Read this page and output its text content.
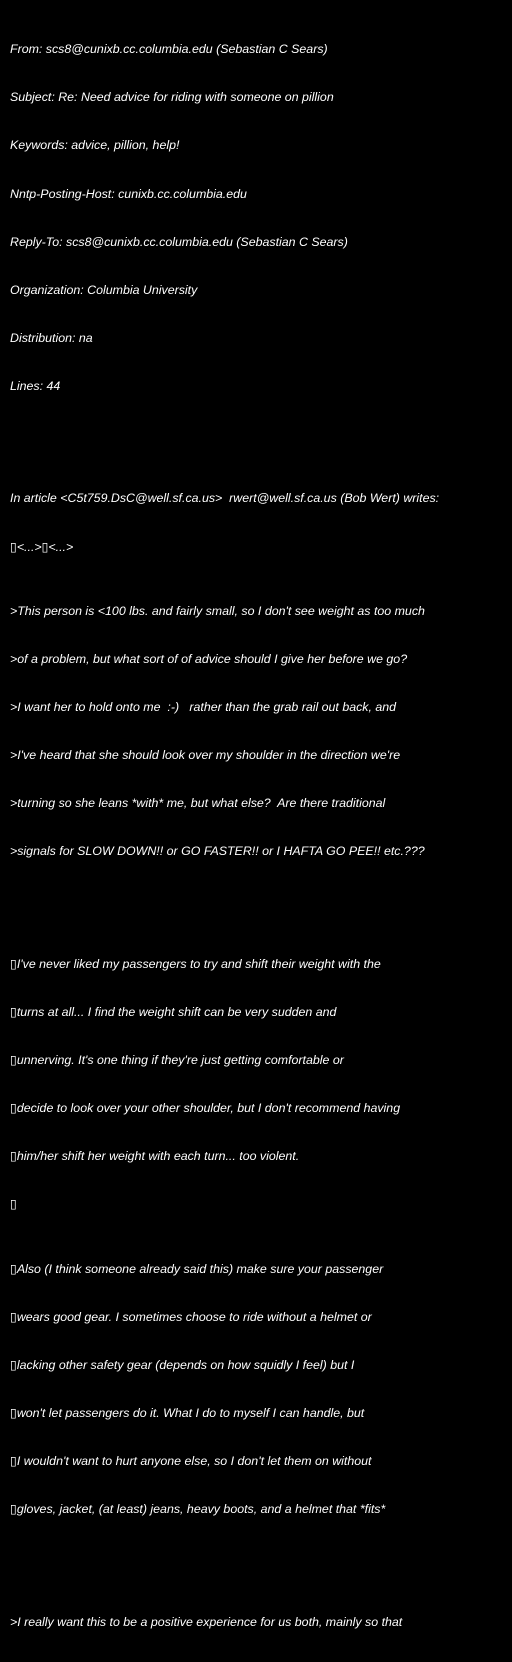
From: scs8@cunixb.cc.columbia.edu (Sebastian C Sears)

Subject: Re: Need advice for riding with someone on pillion

Keywords: advice, pillion, help!

Nntp-Posting-Host: cunixb.cc.columbia.edu

Reply-To: scs8@cunixb.cc.columbia.edu (Sebastian C Sears)

Organization: Columbia University

Distribution: na

Lines: 44

In article <C5t759.DsC@well.sf.ca.us>  rwert@well.sf.ca.us (Bob Wert) writes:

▯<...>▯<...>

>This person is <100 lbs. and fairly small, so I don't see weight as too much

>of a problem, but what sort of of advice should I give her before we go?

>I want her to hold onto me  :-)   rather than the grab rail out back, and

>I've heard that she should look over my shoulder in the direction we're

>turning so she leans *with* me, but what else?  Are there traditional

>signals for SLOW DOWN!! or GO FASTER!! or I HAFTA GO PEE!! etc.???

▯I've never liked my passengers to try and shift their weight with the

▯turns at all... I find the weight shift can be very sudden and

▯unnerving. It's one thing if they're just getting comfortable or

▯decide to look over your other shoulder, but I don't recommend having

▯him/her shift her weight with each turn... too violent.

▯

▯Also (I think someone already said this) make sure your passenger

▯wears good gear. I sometimes choose to ride without a helmet or

▯lacking other safety gear (depends on how squidly I feel) but I

▯won't let passengers do it. What I do to myself I can handle, but

▯I wouldn't want to hurt anyone else, so I don't let them on without

▯gloves, jacket, (at least) jeans, heavy boots, and a helmet that *fits*

>I really want this to be a positive experience for us both, mainly so that
